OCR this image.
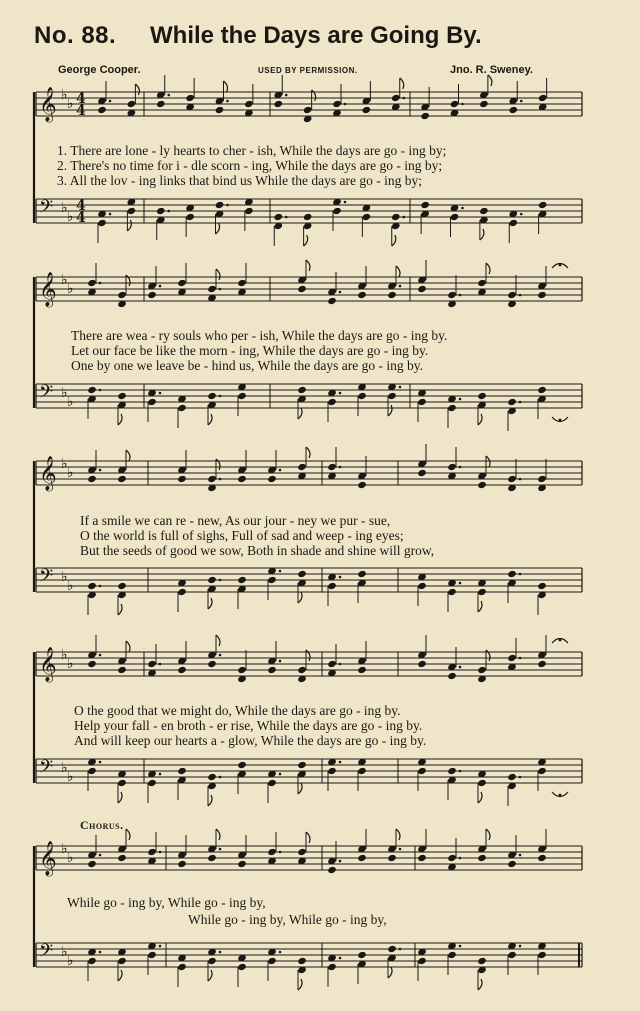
No. 88. While the Days are Going By.
George Cooper.	USED BY PERMISSION.	Jno. R. Sweney.
𝄞 ♭
♭ 4
4
𝄢 ♭
♭
4
4
𝄞 ♭
♭
𝄢 ♭
♭
𝄞 ♭
♭
𝄢 ♭
♭
𝄞 ♭
♭
𝄢 ♭
♭
𝄞 ♭
♭
𝄢 ♭
♭
1. There are lone - ly hearts to cher - ish, While the days are go - ing by;
2. There's no time for i - dle scorn - ing, While the days are go - ing by;
3. All the lov - ing links that bind us While the days are go - ing by;
There are wea - ry souls who per - ish, While the days are go - ing by.
Let our face be like the morn - ing, While the days are go - ing by.
One by one we leave be - hind us, While the days are go - ing by.
If a smile we can re - new, As our jour - ney we pur - sue,
O the world is full of sighs, Full of sad and weep - ing eyes;
But the seeds of good we sow, Both in shade and shine will grow,
O the good that we might do, While the days are go - ing by.
Help your fall - en broth - er rise, While the days are go - ing by.
And will keep our hearts a - glow, While the days are go - ing by.
Chorus.
While go - ing by, While go - ing by,
While go - ing by, While go - ing by,
